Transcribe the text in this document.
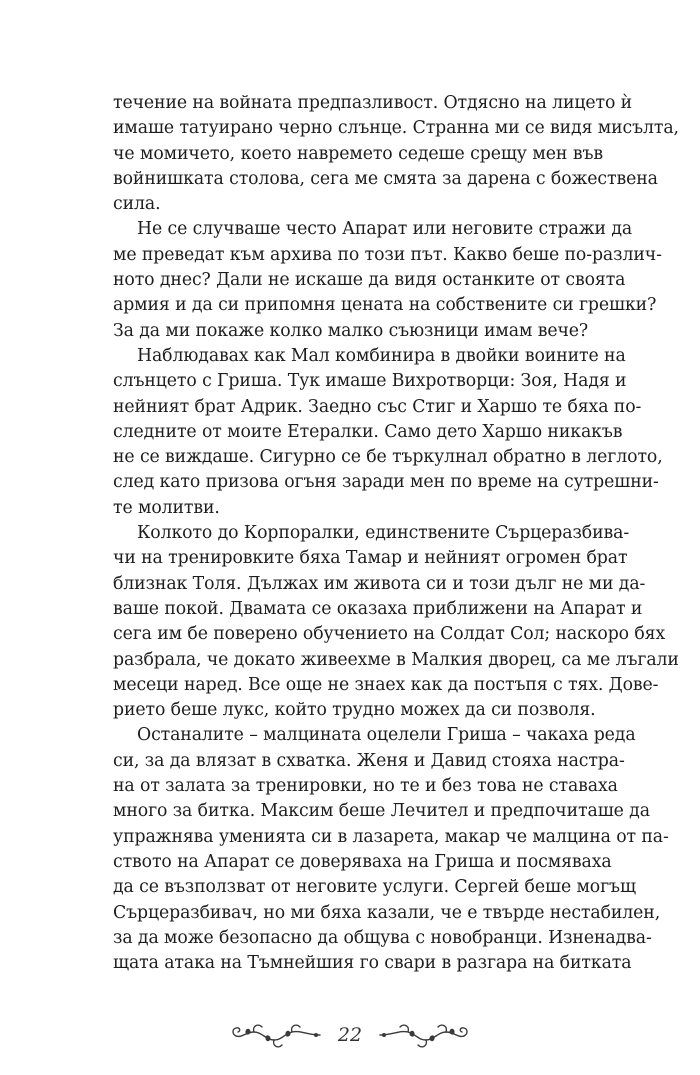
течение на войната предпазливост. Отдясно на лицето ѝ
имаше татуирано черно слънце. Странна ми се видя мисълта,
че момичето, което навремето седеше срещу мен във
войнишката столова, сега ме смята за дарена с божествена
сила.
Не се случваше често Апарат или неговите стражи да
ме преведат към архива по този път. Какво беше по-различ-
ното днес? Дали не искаше да видя останките от своята
армия и да си припомня цената на собствените си грешки?
За да ми покаже колко малко съюзници имам вече?
Наблюдавах как Мал комбинира в двойки воините на
слънцето с Гриша. Тук имаше Вихротворци: Зоя, Надя и
нейният брат Адрик. Заедно със Стиг и Харшо те бяха по-
следните от моите Етералки. Само дето Харшо никакъв
не се виждаше. Сигурно се бе търкулнал обратно в леглото,
след като призова огъня заради мен по време на сутрешни-
те молитви.
Колкото до Корпоралки, единствените Сърцеразбива-
чи на тренировките бяха Тамар и нейният огромен брат
близнак Толя. Дължах им живота си и този дълг не ми да-
ваше покой. Двамата се оказаха приближени на Апарат и
сега им бе поверено обучението на Солдат Сол; наскоро бях
разбрала, че докато живеехме в Малкия дворец, са ме лъгали
месеци наред. Все още не знаех как да постъпя с тях. Дове-
рието беше лукс, който трудно можех да си позволя.
Останалите – малцината оцелели Гриша – чакаха реда
си, за да влязат в схватка. Женя и Давид стояха настра-
на от залата за тренировки, но те и без това не ставаха
много за битка. Максим беше Лечител и предпочиташе да
упражнява уменията си в лазарета, макар че малцина от па-
ството на Апарат се доверяваха на Гриша и посмяваха
да се възползват от неговите услуги. Сергей беше могъщ
Сърцеразбивач, но ми бяха казали, че е твърде нестабилен,
за да може безопасно да общува с новобранци. Изненадва-
щата атака на Тъмнейшия го свари в разгара на битката
22
